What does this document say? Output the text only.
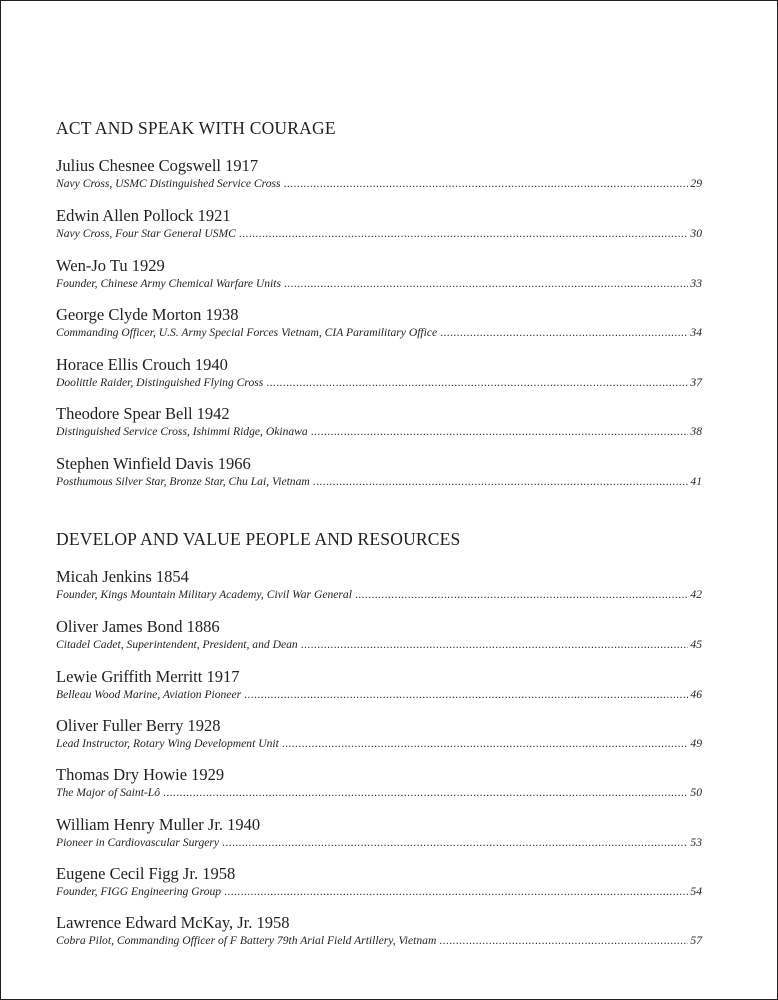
ACT AND SPEAK WITH COURAGE
Julius Chesnee Cogswell 1917
Navy Cross, USMC Distinguished Service Cross .....	29
Edwin Allen Pollock 1921
Navy Cross, Four Star General USMC .....	30
Wen-Jo Tu 1929
Founder, Chinese Army Chemical Warfare Units .....	33
George Clyde Morton 1938
Commanding Officer, U.S. Army Special Forces Vietnam, CIA Paramilitary Office .....	34
Horace Ellis Crouch 1940
Doolittle Raider, Distinguished Flying Cross .....	37
Theodore Spear Bell 1942
Distinguished Service Cross, Ishimmi Ridge, Okinawa .....	38
Stephen Winfield Davis 1966
Posthumous Silver Star, Bronze Star, Chu Lai, Vietnam .....	41
DEVELOP AND VALUE PEOPLE AND RESOURCES
Micah Jenkins 1854
Founder, Kings Mountain Military Academy, Civil War General .....	42
Oliver James Bond 1886
Citadel Cadet, Superintendent, President, and Dean .....	45
Lewie Griffith Merritt 1917
Belleau Wood Marine, Aviation Pioneer .....	46
Oliver Fuller Berry 1928
Lead Instructor, Rotary Wing Development Unit .....	49
Thomas Dry Howie 1929
The Major of Saint-Lô .....	50
William Henry Muller Jr. 1940
Pioneer in Cardiovascular Surgery .....	53
Eugene Cecil Figg Jr. 1958
Founder, FIGG Engineering Group .....	54
Lawrence Edward McKay, Jr. 1958
Cobra Pilot, Commanding Officer of F Battery 79th Arial Field Artillery, Vietnam .....	57
